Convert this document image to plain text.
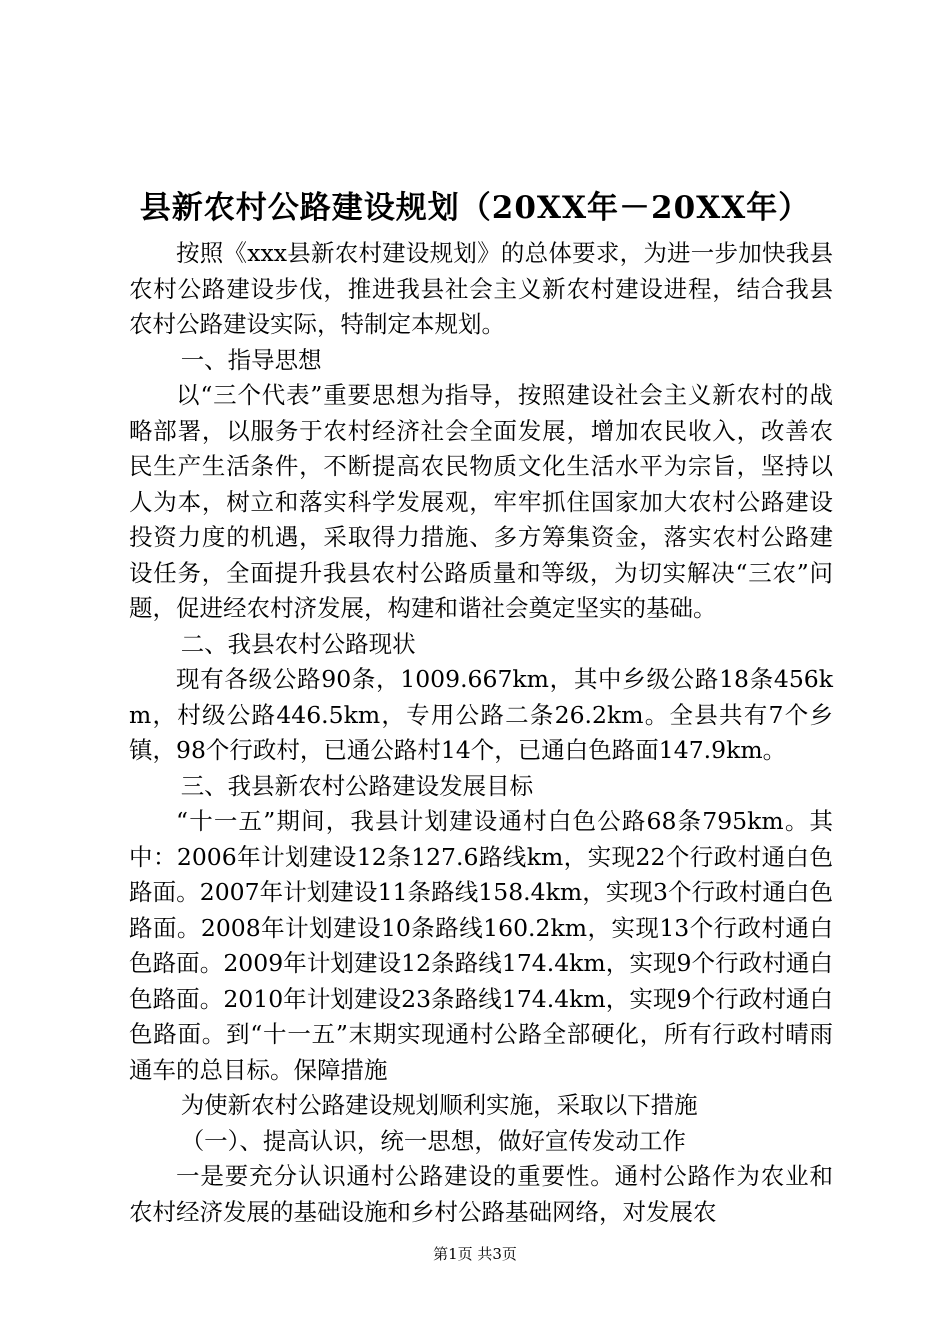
县新农村公路建设规划（20XX年－20XX年）

按照《xxx县新农村建设规划》的总体要求，为进一步加快我县农村公路建设步伐，推进我县社会主义新农村建设进程，结合我县农村公路建设实际，特制定本规划。

一、指导思想

以“三个代表”重要思想为指导，按照建设社会主义新农村的战略部署，以服务于农村经济社会全面发展，增加农民收入，改善农民生产生活条件，不断提高农民物质文化生活水平为宗旨，坚持以人为本，树立和落实科学发展观，牢牢抓住国家加大农村公路建设投资力度的机遇，采取得力措施、多方筹集资金，落实农村公路建设任务，全面提升我县农村公路质量和等级，为切实解决“三农”问题，促进经农村济发展，构建和谐社会奠定坚实的基础。

二、我县农村公路现状

现有各级公路90条，1009.667km，其中乡级公路18条456km，村级公路446.5km，专用公路二条26.2km。全县共有7个乡镇，98个行政村，已通公路村14个，已通白色路面147.9km。

三、我县新农村公路建设发展目标

“十一五”期间，我县计划建设通村白色公路68条795km。其中：2006年计划建设12条127.6路线km，实现22个行政村通白色路面。2007年计划建设11条路线158.4km，实现3个行政村通白色路面。2008年计划建设10条路线160.2km，实现13个行政村通白色路面。2009年计划建设12条路线174.4km，实现9个行政村通白色路面。2010年计划建设23条路线174.4km，实现9个行政村通白色路面。到“十一五”末期实现通村公路全部硬化，所有行政村晴雨通车的总目标。保障措施

为使新农村公路建设规划顺利实施，采取以下措施

（一）、提高认识，统一思想，做好宣传发动工作

一是要充分认识通村公路建设的重要性。通村公路作为农业和农村经济发展的基础设施和乡村公路基础网络，对发展农

第1页 共3页
